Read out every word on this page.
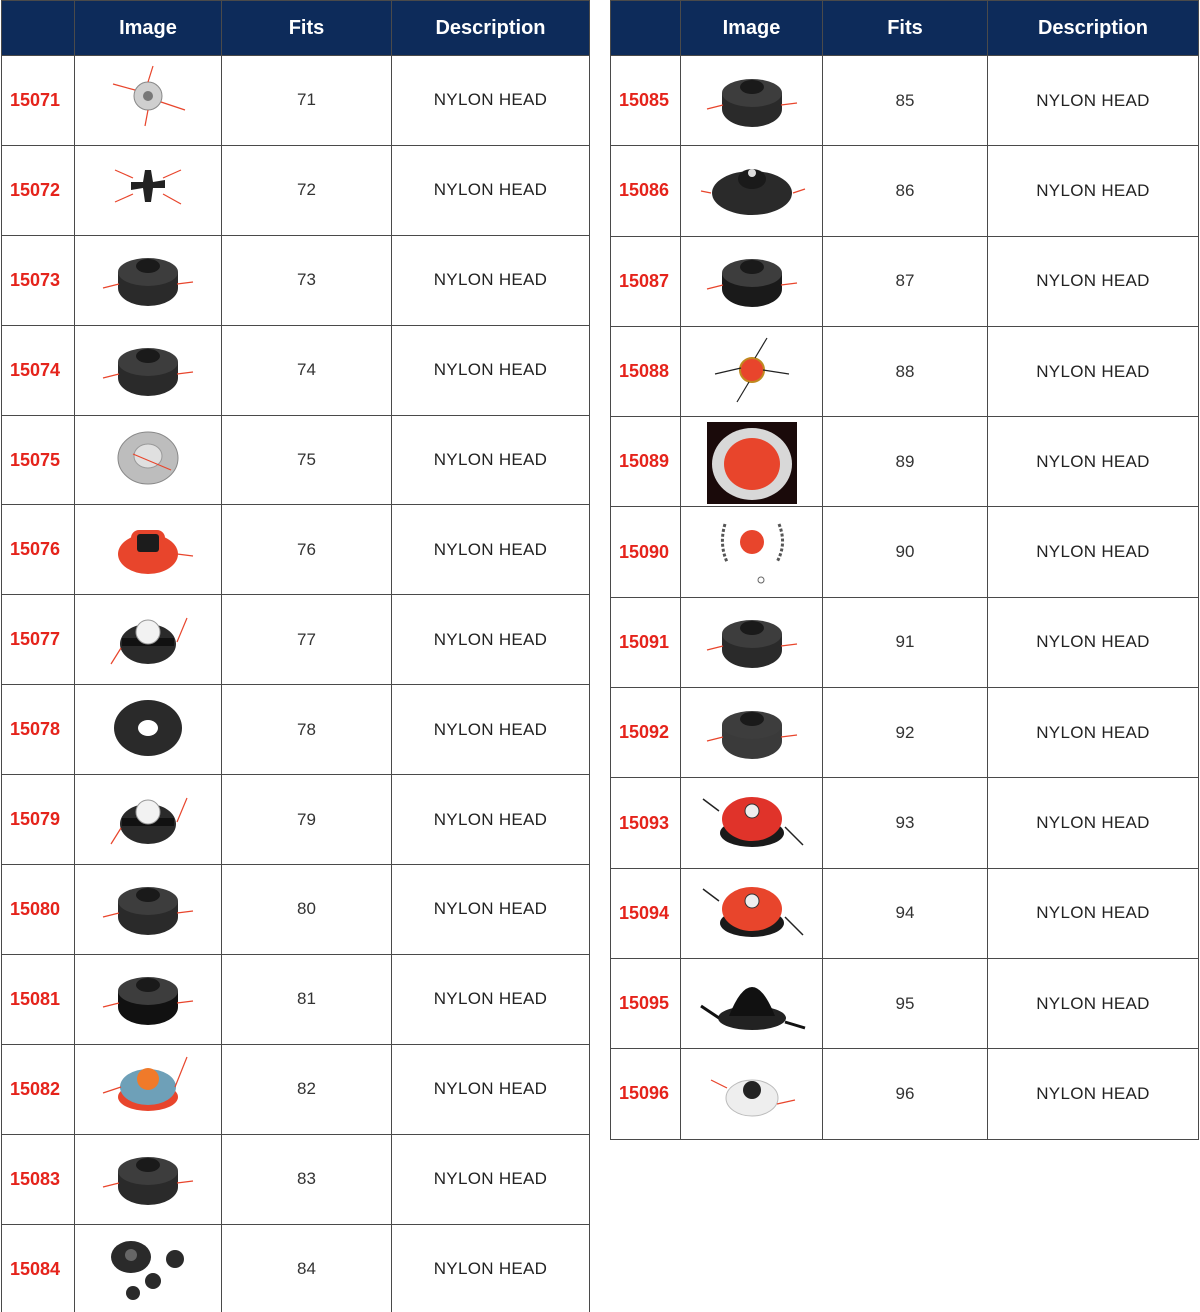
	Image	Fits	Description
15071		71	NYLON HEAD
15072		72	NYLON HEAD
15073		73	NYLON HEAD
15074		74	NYLON HEAD
15075		75	NYLON HEAD
15076		76	NYLON HEAD
15077		77	NYLON HEAD
15078		78	NYLON HEAD
15079		79	NYLON HEAD
15080		80	NYLON HEAD
15081		81	NYLON HEAD
15082		82	NYLON HEAD
15083		83	NYLON HEAD
15084		84	NYLON HEAD
	Image	Fits	Description
15085		85	NYLON HEAD
15086		86	NYLON HEAD
15087		87	NYLON HEAD
15088		88	NYLON HEAD
15089		89	NYLON HEAD
15090		90	NYLON HEAD
15091		91	NYLON HEAD
15092		92	NYLON HEAD
15093		93	NYLON HEAD
15094		94	NYLON HEAD
15095		95	NYLON HEAD
15096		96	NYLON HEAD
